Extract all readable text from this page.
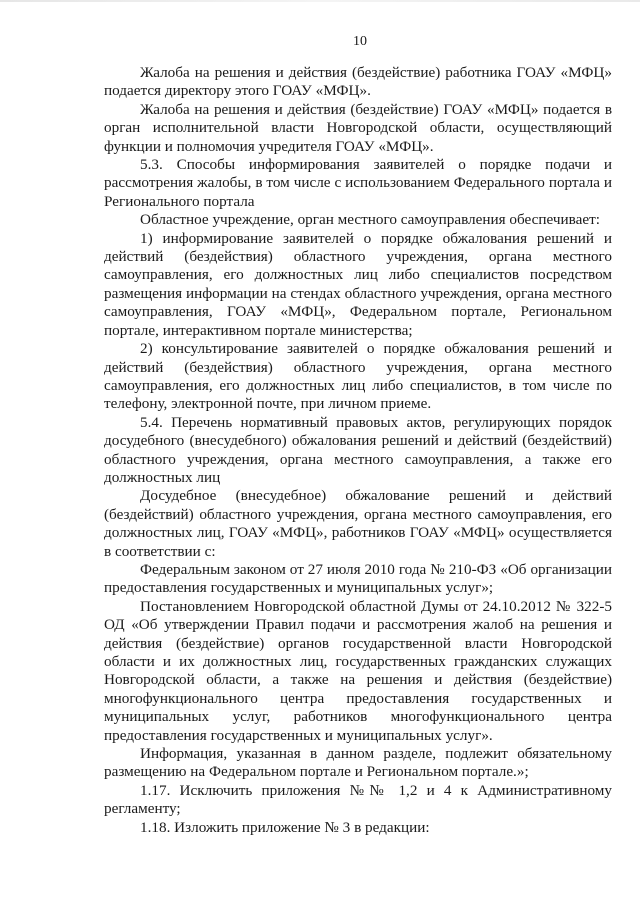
10

Жалоба на решения и действия (бездействие) работника ГОАУ «МФЦ» подается директору этого ГОАУ «МФЦ».

Жалоба на решения и действия (бездействие) ГОАУ «МФЦ» подается в орган исполнительной власти Новгородской области, осуществляющий функции и полномочия учредителя ГОАУ «МФЦ».

5.3. Способы информирования заявителей о порядке подачи и рассмотрения жалобы, в том числе с использованием Федерального портала и Регионального портала

Областное учреждение, орган местного самоуправления обеспечивает:

1) информирование заявителей о порядке обжалования решений и действий (бездействия) областного учреждения, органа местного самоуправления, его должностных лиц либо специалистов посредством размещения информации на стендах областного учреждения, органа местного самоуправления, ГОАУ «МФЦ», Федеральном портале, Региональном портале, интерактивном портале министерства;

2) консультирование заявителей о порядке обжалования решений и действий (бездействия) областного учреждения, органа местного самоуправления, его должностных лиц либо специалистов, в том числе по телефону, электронной почте, при личном приеме.

5.4. Перечень нормативный правовых актов, регулирующих порядок досудебного (внесудебного) обжалования решений и действий (бездействий) областного учреждения, органа местного самоуправления, а также его должностных лиц

Досудебное (внесудебное) обжалование решений и действий (бездействий) областного учреждения, органа местного самоуправления, его должностных лиц, ГОАУ «МФЦ», работников ГОАУ «МФЦ» осуществляется в соответствии с:

Федеральным законом от 27 июля 2010 года № 210-ФЗ «Об организации предоставления государственных и муниципальных услуг»;

Постановлением Новгородской областной Думы от 24.10.2012 № 322-5 ОД «Об утверждении Правил подачи и рассмотрения жалоб на решения и действия (бездействие) органов государственной власти Новгородской области и их должностных лиц, государственных гражданских служащих Новгородской области, а также на решения и действия (бездействие) многофункционального центра предоставления государственных и муниципальных услуг, работников многофункционального центра предоставления государственных и муниципальных услуг».

Информация, указанная в данном разделе, подлежит обязательному размещению на Федеральном портале и Региональном портале.»;

1.17. Исключить приложения №№ 1,2 и 4 к Административному регламенту;

1.18. Изложить приложение № 3 в редакции:
